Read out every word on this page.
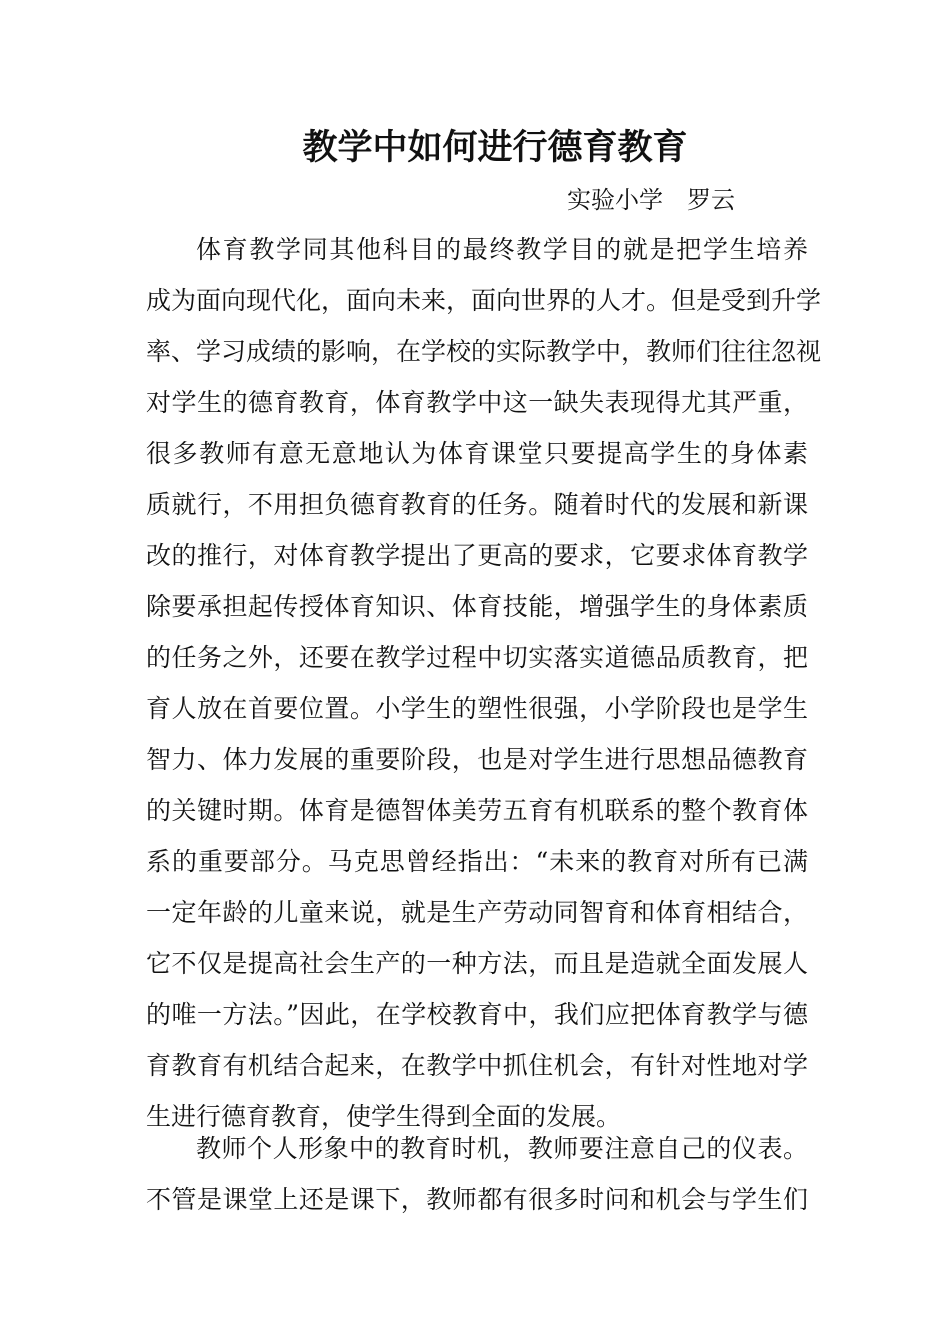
教学中如何进行德育教育

实验小学　罗云

体育教学同其他科目的最终教学目的就是把学生培养
成为面向现代化，面向未来，面向世界的人才。但是受到升学
率、学习成绩的影响，在学校的实际教学中，教师们往往忽视
对学生的德育教育，体育教学中这一缺失表现得尤其严重，
很多教师有意无意地认为体育课堂只要提高学生的身体素
质就行，不用担负德育教育的任务。随着时代的发展和新课
改的推行，对体育教学提出了更高的要求，它要求体育教学
除要承担起传授体育知识、体育技能，增强学生的身体素质
的任务之外，还要在教学过程中切实落实道德品质教育，把
育人放在首要位置。小学生的塑性很强，小学阶段也是学生
智力、体力发展的重要阶段，也是对学生进行思想品德教育
的关键时期。体育是德智体美劳五育有机联系的整个教育体
系的重要部分。马克思曾经指出：“未来的教育对所有已满
一定年龄的儿童来说，就是生产劳动同智育和体育相结合，
它不仅是提高社会生产的一种方法，而且是造就全面发展人
的唯一方法。”因此，在学校教育中，我们应把体育教学与德
育教育有机结合起来，在教学中抓住机会，有针对性地对学
生进行德育教育，使学生得到全面的发展。
教师个人形象中的教育时机，教师要注意自己的仪表。
不管是课堂上还是课下，教师都有很多时问和机会与学生们
